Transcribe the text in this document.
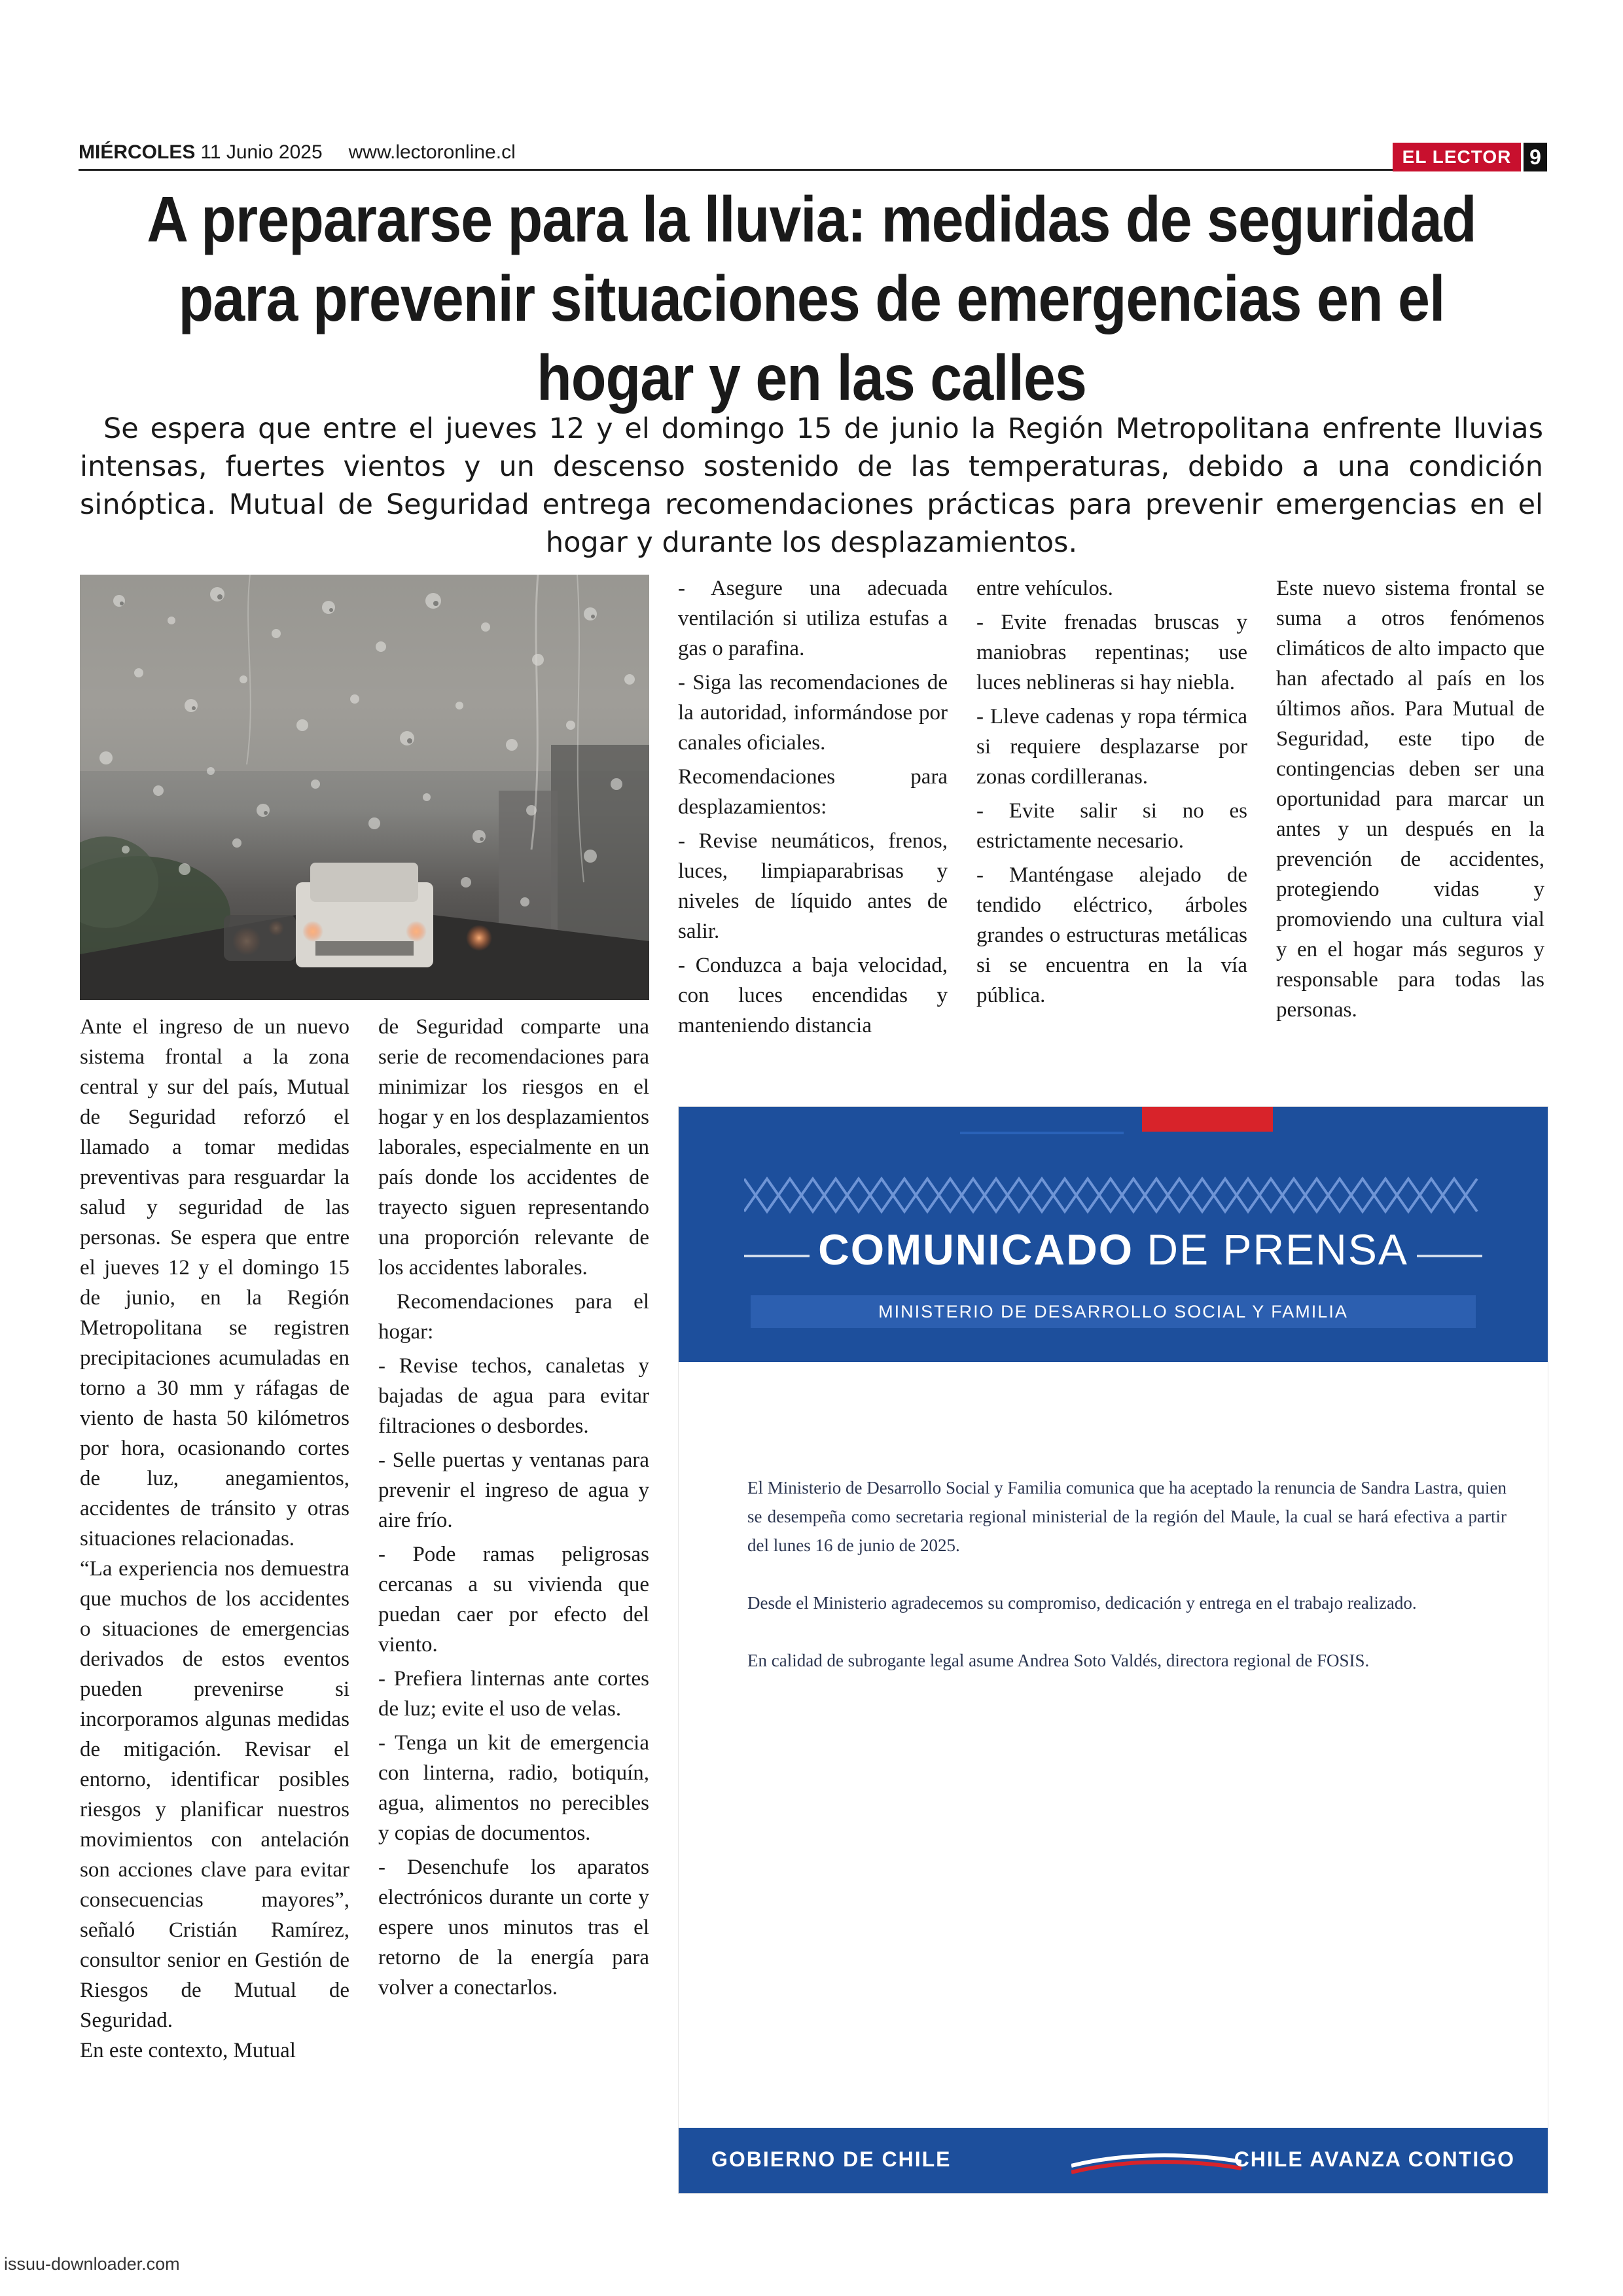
MIÉRCOLES 11 Junio 2025 www.lectoronline.cl	EL LECTOR 9
A prepararse para la lluvia: medidas de seguridad para prevenir situaciones de emergencias en el hogar y en las calles
Se espera que entre el jueves 12 y el domingo 15 de junio la Región Metropolitana enfrente lluvias intensas, fuertes vientos y un descenso sostenido de las temperaturas, debido a una condición sinóptica. Mutual de Seguridad entrega recomendaciones prácticas para prevenir emergencias en el hogar y durante los desplazamientos.

Ante el ingreso de un nuevo sistema frontal a la zona central y sur del país, Mutual de Seguridad reforzó el llamado a tomar medidas preventivas para resguardar la salud y seguridad de las personas. Se espera que entre el jueves 12 y el domingo 15 de junio, en la Región Metropolitana se registren precipitaciones acumuladas en torno a 30 mm y ráfagas de viento de hasta 50 kilómetros por hora, ocasionando cortes de luz, anegamientos, accidentes de tránsito y otras situaciones relacionadas.

“La experiencia nos demuestra que muchos de los accidentes o situaciones de emergencias derivados de estos eventos pueden prevenirse si incorporamos algunas medidas de mitigación. Revisar el entorno, identificar posibles riesgos y planificar nuestros movimientos con antelación son acciones clave para evitar consecuencias mayores”, señaló Cristián Ramírez, consultor senior en Gestión de Riesgos de Mutual de Seguridad.

En este contexto, Mutual

de Seguridad comparte una serie de recomendaciones para minimizar los riesgos en el hogar y en los desplazamientos laborales, especialmente en un país donde los accidentes de trayecto siguen representando una proporción relevante de los accidentes laborales.

Recomendaciones para el hogar:

- Revise techos, canaletas y bajadas de agua para evitar filtraciones o desbordes.

- Selle puertas y ventanas para prevenir el ingreso de agua y aire frío.

- Pode ramas peligrosas cercanas a su vivienda que puedan caer por efecto del viento.

- Prefiera linternas ante cortes de luz; evite el uso de velas.

- Tenga un kit de emergencia con linterna, radio, botiquín, agua, alimentos no perecibles y copias de documentos.

- Desenchufe los aparatos electrónicos durante un corte y espere unos minutos tras el retorno de la energía para volver a conectarlos.

- Asegure una adecuada ventilación si utiliza estufas a gas o parafina.

- Siga las recomendaciones de la autoridad, informándose por canales oficiales.

Recomendaciones para desplazamientos:

- Revise neumáticos, frenos, luces, limpiaparabrisas y niveles de líquido antes de salir.

- Conduzca a baja velocidad, con luces encendidas y manteniendo distancia

entre vehículos.

- Evite frenadas bruscas y maniobras repentinas; use luces neblineras si hay niebla.

- Lleve cadenas y ropa térmica si requiere desplazarse por zonas cordilleranas.

- Evite salir si no es estrictamente necesario.

- Manténgase alejado de tendido eléctrico, árboles grandes o estructuras metálicas si se encuentra en la vía pública.

Este nuevo sistema frontal se suma a otros fenómenos climáticos de alto impacto que han afectado al país en los últimos años. Para Mutual de Seguridad, este tipo de contingencias deben ser una oportunidad para marcar un antes y un después en la prevención de accidentes, protegiendo vidas y promoviendo una cultura vial y en el hogar más seguros y responsable para todas las personas.

COMUNICADO DE PRENSA
MINISTERIO DE DESARROLLO SOCIAL Y FAMILIA

El Ministerio de Desarrollo Social y Familia comunica que ha aceptado la renuncia de Sandra Lastra, quien se desempeña como secretaria regional ministerial de la región del Maule, la cual se hará efectiva a partir del lunes 16 de junio de 2025.

Desde el Ministerio agradecemos su compromiso, dedicación y entrega en el trabajo realizado.

En calidad de subrogante legal asume Andrea Soto Valdés, directora regional de FOSIS.

GOBIERNO DE CHILE	CHILE AVANZA CONTIGO
issuu-downloader.com
